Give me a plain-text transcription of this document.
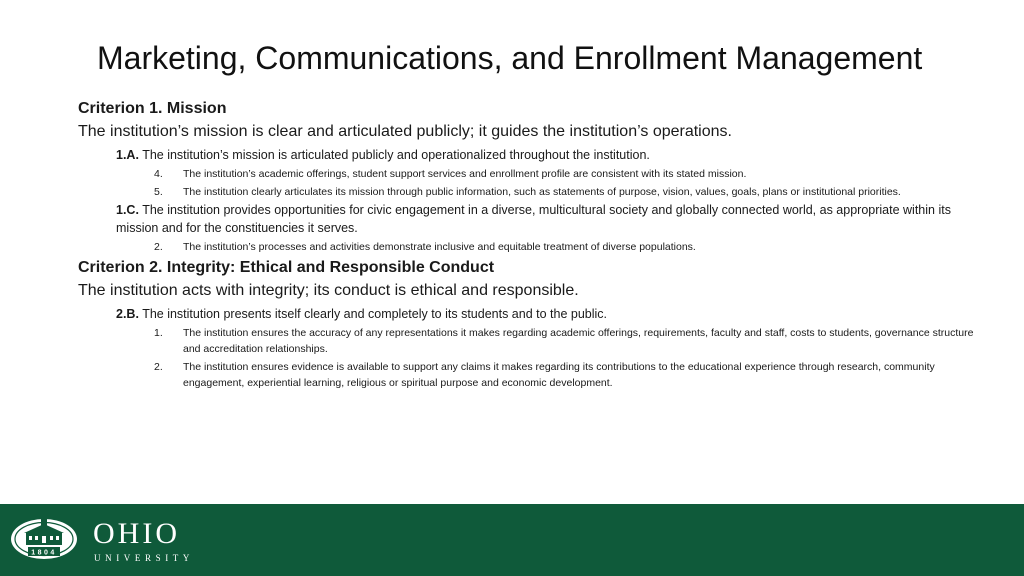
Marketing, Communications, and Enrollment Management
Criterion 1. Mission
The institution’s mission is clear and articulated publicly; it guides the institution’s operations.
1.A. The institution’s mission is articulated publicly and operationalized throughout the institution.
4.	The institution’s academic offerings, student support services and enrollment profile are consistent with its stated mission.
5.	The institution clearly articulates its mission through public information, such as statements of purpose, vision, values, goals, plans or institutional priorities.
1.C. The institution provides opportunities for civic engagement in a diverse, multicultural society and globally connected world, as appropriate within its mission and for the constituencies it serves.
2.	The institution’s processes and activities demonstrate inclusive and equitable treatment of diverse populations.
Criterion 2. Integrity: Ethical and Responsible Conduct
The institution acts with integrity; its conduct is ethical and responsible.
2.B. The institution presents itself clearly and completely to its students and to the public.
1.	The institution ensures the accuracy of any representations it makes regarding academic offerings, requirements, faculty and staff, costs to students, governance structure and accreditation relationships.
2.	The institution ensures evidence is available to support any claims it makes regarding its contributions to the educational experience through research, community engagement, experiential learning, religious or spiritual purpose and economic development.
1804
OHIO
UNIVERSITY
